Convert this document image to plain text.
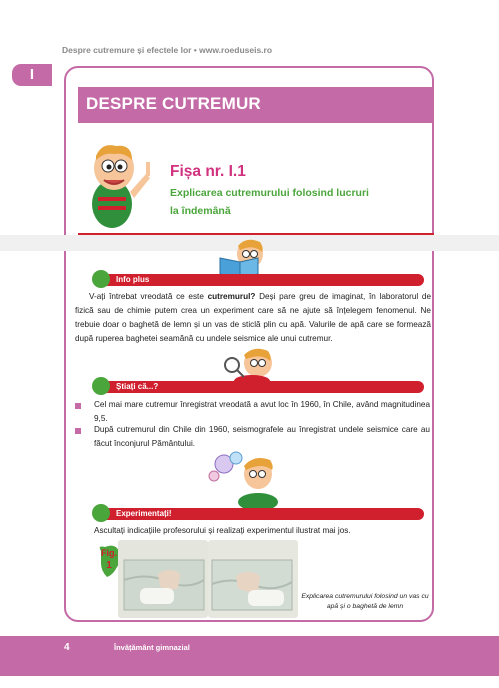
Despre cutremure și efectele lor • www.roeduseis.ro
I
DESPRE CUTREMUR
Fișa nr. I.1
Explicarea cutremurului folosind lucruri la îndemână
Info plus
V-ați întrebat vreodată ce este cutremurul? Deși pare greu de imaginat, în laboratorul de fizică sau de chimie putem crea un experiment care să ne ajute să înțelegem fenomenul. Ne trebuie doar o baghetă de lemn și un vas de sticlă plin cu apă. Valurile de apă care se formează după ruperea baghetei seamănă cu undele seismice ale unui cutremur.
Știați că...?
Cel mai mare cutremur înregistrat vreodată a avut loc în 1960, în Chile, având magnitudinea 9,5.
După cutremurul din Chile din 1960, seismografele au înregistrat undele seismice care au făcut înconjurul Pământului.
Experimentați!
Ascultați indicațiile profesorului și realizați experimentul ilustrat mai jos.
Fig.
1
Explicarea cutremurului folosind un vas cu apă și o baghetă de lemn
4	Învățământ gimnazial
